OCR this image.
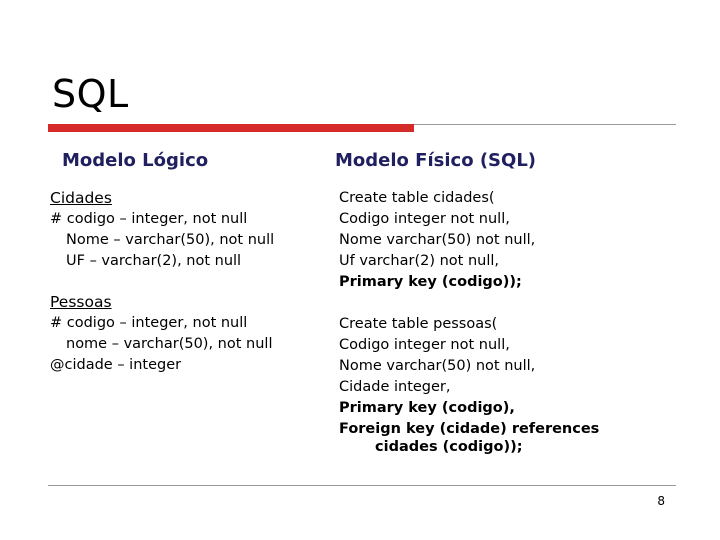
SQL
Modelo Lógico	Modelo Físico (SQL)
Cidades
# codigo – integer, not null
Nome – varchar(50), not null
UF – varchar(2), not null
Pessoas
# codigo – integer, not null
nome – varchar(50), not null
@cidade – integer
Create table cidades(
Codigo integer not null,
Nome varchar(50) not null,
Uf varchar(2) not null,
Primary key (codigo));
Create table pessoas(
Codigo integer not null,
Nome varchar(50) not null,
Cidade integer,
Primary key (codigo),
Foreign key (cidade) references
cidades (codigo));
8
